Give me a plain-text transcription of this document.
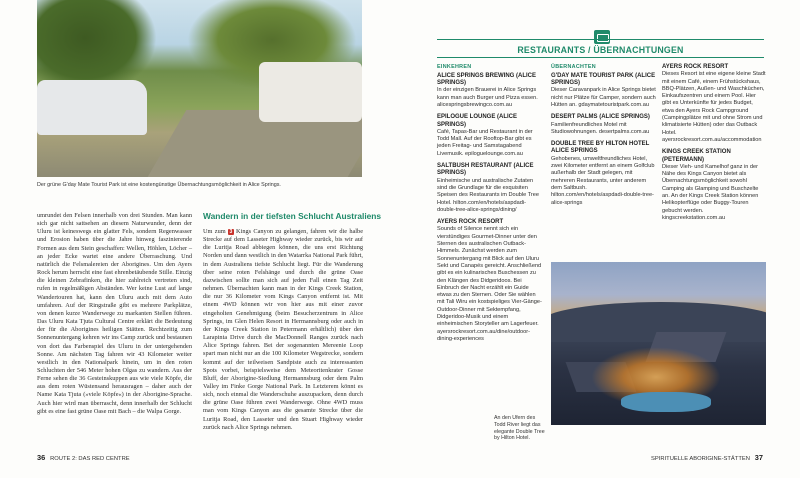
Der grüne G'day Mate Tourist Park ist eine kostengünstige Übernachtungsmöglichkeit in Alice Springs.
umrundet den Felsen innerhalb von drei Stunden. Man kann sich gar nicht sattsehen an diesem Naturwunder, denn der Uluru ist keineswegs ein glatter Fels, sondern Regenwasser und Erosion haben über die Jahre hinweg faszinierende Formen aus dem Stein geschaffen: Wellen, Höhlen, Löcher – an jeder Ecke wartet eine andere Überraschung. Und natürlich die Felsmalereien der Aborigines. Um den Ayers Rock herum herrscht eine fast ehrenbetäubende Stille. Einzig die kleinen Zebrafinken, die hier zahlreich vertreten sind, rufen in regelmäßigen Abständen. Wer keine Lust auf lange Wandertouren hat, kann den Uluru auch mit dem Auto umfahren. Auf der Ringstraße gibt es mehrere Parkplätze, von denen kurze Wanderwege zu markanten Stellen führen. Das Uluru Kata Tjuta Cultural Centre erklärt die Bedeutung der für die Aborigines heiligen Stätten. Rechtzeitig zum Sonnenuntergang kehren wir ins Camp zurück und bestaunen von dort das Farbenspiel des Uluru in der untergehenden Sonne. Am nächsten Tag fahren wir 43 Kilometer weiter westlich in den Nationalpark hinein, um in den roten Schluchten der 546 Meter hohen Olgas zu wandern. Aus der Ferne sehen die 36 Gesteinskuppen aus wie viele Köpfe, die aus dem roten Wüstensand herausragen – daher auch der Name Kata Tjuta (»viele Köpfe«) in der Aborigine-Sprache. Auch hier wird man überrascht, denn innerhalb der Schlucht gibt es eine fast grüne Oase mit Bach – die Walpa Gorge.
Wandern in der tiefsten Schlucht Australiens
Um zum 3 Kings Canyon zu gelangen, fahren wir die halbe Strecke auf dem Lasseter Highway wieder zurück, bis wir auf die Luritja Road abbiegen können, die uns erst Richtung Norden und dann westlich in den Watarrka National Park führt, in dem Australiens tiefste Schlucht liegt. Für die Wanderung über seine roten Felshänge und durch die grüne Oase dazwischen sollte man sich auf jeden Fall einen Tag Zeit nehmen. Übernachten kann man in der Kings Creek Station, die nur 36 Kilometer vom Kings Canyon entfernt ist. Mit einem 4WD können wir von hier aus mit einer zuvor eingeholten Genehmigung (beim Besucherzentrum in Alice Springs, im Glen Helen Resort in Hermannsburg oder auch in der Kings Creek Station in Petermann erhältlich) über den Larapinta Drive durch die MacDonnell Ranges zurück nach Alice Springs fahren. Bei der sogenannten Mereenie Loop spart man nicht nur an die 100 Kilometer Wegstrecke, sondern kommt auf der teilweisen Sandpiste auch zu interessanten Spots vorbei, beispielsweise dem Meteoritenkrater Gosse Bluff, der Aborigine-Siedlung Hermannsburg oder dem Palm Valley im Finke Gorge National Park. In Letzterem könnt es sich, noch einmal die Wanderschuhe auszupacken, denn durch die grüne Oase führen zwei Wanderwege. Ohne 4WD muss man vom Kings Canyon aus die gesamte Strecke über die Luritja Road, den Lasseter und den Stuart Highway wieder zurück nach Alice Springs nehmen.
36 ROUTE 2: DAS RED CENTRE
RESTAURANTS / ÜBERNACHTUNGEN
EINKEHREN
ALICE SPRINGS BREWING (ALICE SPRINGS)
In der einzigen Brauerei in Alice Springs kann man auch Burger und Pizza essen. alicespringsbrewingco.com.au
EPILOGUE LOUNGE (ALICE SPRINGS)
Café, Tapas-Bar und Restaurant in der Todd Mall. Auf der Rooftop-Bar gibt es jeden Freitag- und Samstagabend Livemusik. epiloguelounge.com.au
SALTBUSH RESTAURANT (ALICE SPRINGS)
Einheimische und australische Zutaten sind die Grundlage für die exquisiten Speisen des Restaurants im Double Tree Hotel. hilton.com/en/hotels/aspdadi-double-tree-alice-springs/dining/
AYERS ROCK RESORT
Sounds of Silence nennt sich ein vierstündiges Gourmet-Dinner unter den Sternen des australischen Outback-Himmels. Zunächst werden zum Sonnenuntergang mit Blick auf den Uluru Sekt und Canapés gereicht. Anschließend gibt es ein kulinarisches Buschessen zu den Klängen des Didgeridoos. Bei Einbruch der Nacht erzählt ein Guide etwas zu den Sternen. Oder Sie wählen mit Tali Wiru ein kostspieliges Vier-Gänge-Outdoor-Dinner mit Sektempfang, Didgeridoo-Musik und einem einheimischen Storyteller am Lagerfeuer. ayersrockresort.com.au/dine/outdoor-dining-experiences
ÜBERNACHTEN
G'DAY MATE TOURIST PARK (ALICE SPRINGS)
Dieser Caravanpark in Alice Springs bietet nicht nur Plätze für Camper, sondern auch Hütten an. gdaymatetouristpark.com.au
DESERT PALMS (ALICE SPRINGS)
Familienfreundliches Motel mit Studiowohnungen. desertpalms.com.au
DOUBLE TREE BY HILTON HOTEL ALICE SPRINGS
Gehobenes, umweltfreundliches Hotel, zwei Kilometer entfernt an einem Golfclub außerhalb der Stadt gelegen, mit mehreren Restaurants, unter anderem dem Saltbush. hilton.com/en/hotels/aspdadi-double-tree-alice-springs
AYERS ROCK RESORT
Dieses Resort ist eine eigene kleine Stadt mit einem Café, einem Frühstückshaus, BBQ-Plätzen, Außen- und Waschküchen, Einkaufszentren und einem Pool. Hier gibt es Unterkünfte für jedes Budget, etwa den Ayers Rock Campground (Campingplätze mit und ohne Strom und klimatisierte Hütten) oder das Outback Hotel. ayersrockresort.com.au/accommodation
KINGS CREEK STATION (PETERMANN)
Dieser Vieh- und Kamelhof ganz in der Nähe des Kings Canyon bietet als Übernachtungsmöglichkeit sowohl Camping als Glamping und Buschzelte an. An der Kings Creek Station können Helikopterflüge oder Buggy-Touren gebucht werden. kingscreekstation.com.au
An den Ufern des Todd River liegt das elegante Double Tree by Hilton Hotel.
SPIRITUELLE ABORIGINE-STÄTTEN 37
